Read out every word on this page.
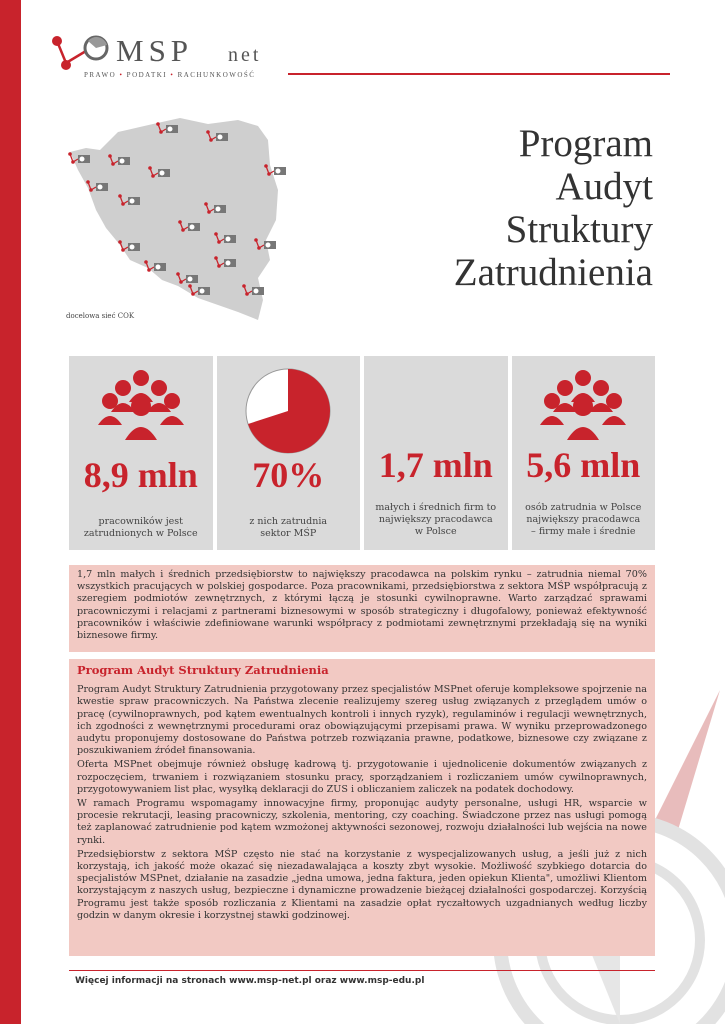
MSP net
PRAWO • PODATKI • RACHUNKOWOŚĆ
docelowa sieć COK
Program
Audyt
Struktury
Zatrudnienia
8,9 mln
pracowników jest
zatrudnionych w Polsce
70%
z nich zatrudnia
sektor MŚP
1,7 mln
małych i średnich firm to
największy pracodawca
w Polsce
5,6 mln
osób zatrudnia w Polsce
największy pracodawca
– firmy małe i średnie
1,7 mln małych i średnich przedsiębiorstw to największy pracodawca na polskim rynku – zatrudnia niemal 70% wszystkich pracujących w polskiej gospodarce. Poza pracownikami, przedsiębiorstwa z sektora MŚP współpracują z szeregiem podmiotów zewnętrznych, z którymi łączą je stosunki cywilnoprawne. Warto zarządzać sprawami pracowniczymi i relacjami z partnerami biznesowymi w sposób strategiczny i długofalowy, ponieważ efektywność pracowników i właściwie zdefiniowane warunki współpracy z podmiotami zewnętrznymi przekładają się na wyniki biznesowe firmy.
Program Audyt Struktury Zatrudnienia

Program Audyt Struktury Zatrudnienia przygotowany przez specjalistów MSPnet oferuje kompleksowe spojrzenie na kwestie spraw pracowniczych. Na Państwa zlecenie realizujemy szereg usług związanych z przeglądem umów o pracę (cywilnoprawnych, pod kątem ewentualnych kontroli i innych ryzyk), regulaminów i regulacji wewnętrznych, ich zgodności z wewnętrznymi procedurami oraz obowiązującymi przepisami prawa. W wyniku przeprowadzonego audytu proponujemy dostosowane do Państwa potrzeb rozwiązania prawne, podatkowe, biznesowe czy związane z poszukiwaniem źródeł finansowania.

Oferta MSPnet obejmuje również obsługę kadrową tj. przygotowanie i ujednolicenie dokumentów związanych z rozpoczęciem, trwaniem i rozwiązaniem stosunku pracy, sporządzaniem i rozliczaniem umów cywilnoprawnych, przygotowywaniem list płac, wysyłką deklaracji do ZUS i obliczaniem zaliczek na podatek dochodowy.

W ramach Programu wspomagamy innowacyjne firmy, proponując audyty personalne, usługi HR, wsparcie w procesie rekrutacji, leasing pracowniczy, szkolenia, mentoring, czy coaching. Świadczone przez nas usługi pomogą też zaplanować zatrudnienie pod kątem wzmożonej aktywności sezonowej, rozwoju działalności lub wejścia na nowe rynki.

Przedsiębiorstw z sektora MŚP często nie stać na korzystanie z wyspecjalizowanych usług, a jeśli już z nich korzystają, ich jakość może okazać się niezadawalająca a koszty zbyt wysokie. Możliwość szybkiego dotarcia do specjalistów MSPnet, działanie na zasadzie „jedna umowa, jedna faktura, jeden opiekun Klienta", umożliwi Klientom korzystającym z naszych usług, bezpieczne i dynamiczne prowadzenie bieżącej działalności gospodarczej. Korzyścią Programu jest także sposób rozliczania z Klientami na zasadzie opłat ryczałtowych uzgadnianych według liczby godzin w danym okresie i korzystnej stawki godzinowej.

Więcej informacji na stronach www.msp-net.pl oraz www.msp-edu.pl
